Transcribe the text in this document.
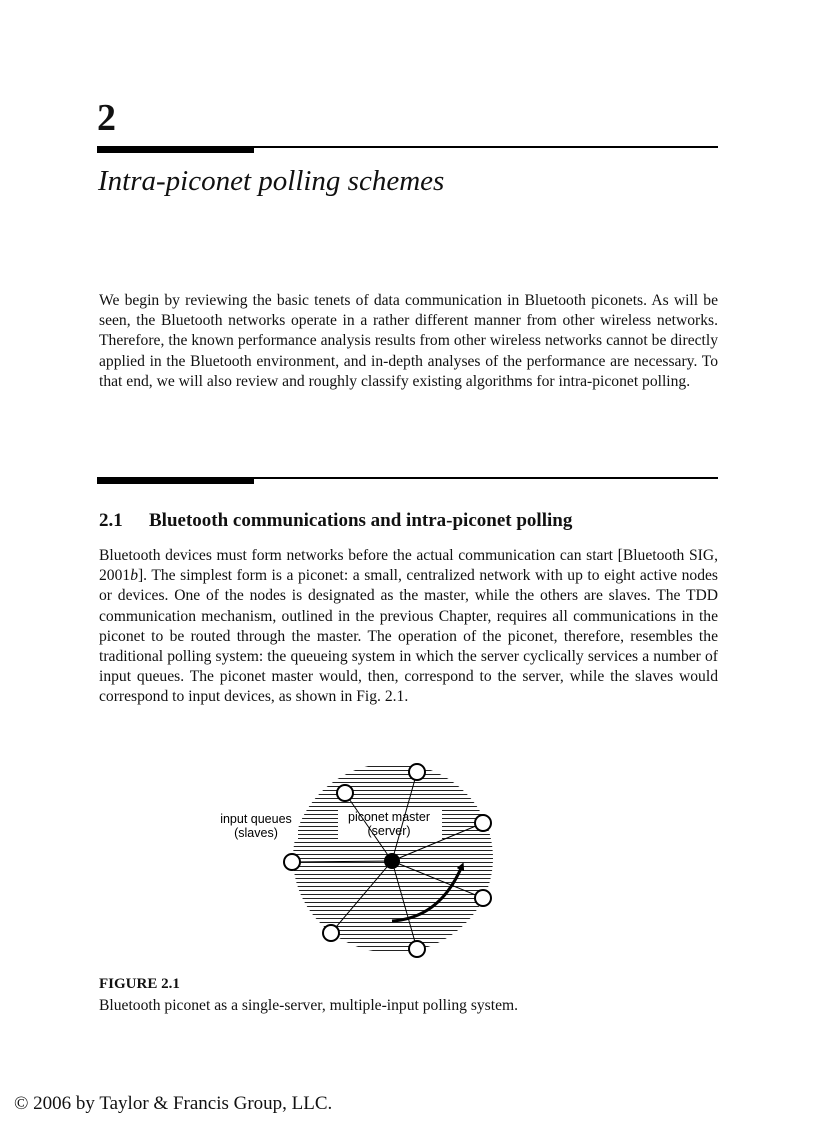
2
Intra-piconet polling schemes

We begin by reviewing the basic tenets of data communication in Bluetooth piconets. As will be seen, the Bluetooth networks operate in a rather different manner from other wireless networks. Therefore, the known performance analysis results from other wireless networks cannot be directly applied in the Bluetooth environment, and in-depth analyses of the performance are necessary. To that end, we will also review and roughly classify existing algorithms for intra-piconet polling.

2.1 Bluetooth communications and intra-piconet polling

Bluetooth devices must form networks before the actual communication can start [Bluetooth SIG, 2001b]. The simplest form is a piconet: a small, centralized network with up to eight active nodes or devices. One of the nodes is designated as the master, while the others are slaves. The TDD communication mechanism, outlined in the previous Chapter, requires all communications in the piconet to be routed through the master. The operation of the piconet, therefore, resembles the traditional polling system: the queueing system in which the server cyclically services a number of input queues. The piconet master would, then, correspond to the server, while the slaves would correspond to input devices, as shown in Fig. 2.1.

input queues
(slaves)
piconet master
(server)
FIGURE 2.1
Bluetooth piconet as a single-server, multiple-input polling system.
© 2006 by Taylor & Francis Group, LLC.
